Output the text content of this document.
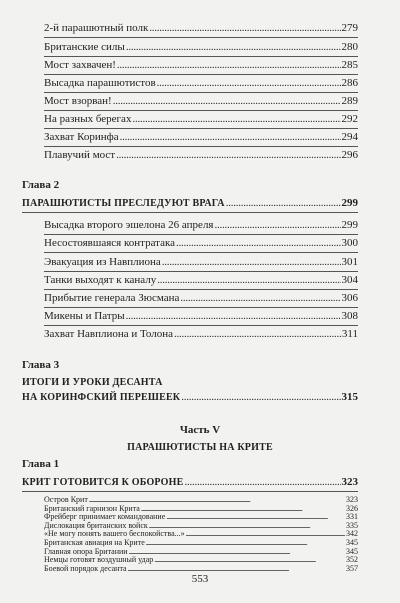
2-й парашютный полк . . .	279
Британские силы . . .	280
Мост захвачен! . . .	285
Высадка парашютистов . . .	286
Мост взорван! . . .	289
На разных берегах . . .	292
Захват Коринфа . . .	294
Плавучий мост . . .	296
Глава 2
ПАРАШЮТИСТЫ ПРЕСЛЕДУЮТ ВРАГА . . .	299
Высадка второго эшелона 26 апреля . . .	299
Несостоявшаяся контратака . . .	300
Эвакуация из Навплиона . . .	301
Танки выходят к каналу . . .	304
Прибытие генерала Зюсмана . . .	306
Микены и Патры . . .	308
Захват Навплиона и Толона . . .	311
Глава 3
ИТОГИ И УРОКИ ДЕСАНТА
НА КОРИНФСКИЙ ПЕРЕШЕЕК . . .	315
Часть V
ПАРАШЮТИСТЫ НА КРИТЕ
Глава 1
КРИТ ГОТОВИТСЯ К ОБОРОНЕ . . .	323
Остров Крит . . .	323
Британский гарнизон Крита . . .	326
Фрейберг принимает командование . . .	331
Дислокация британских войск . . .	335
«Не могу понять вашего беспокойства...» . . .	342
Британская авиация на Крите . . .	345
Главная опора Британии . . .	345
Немцы готовят воздушный удар . . .	352
Боевой порядок десанта . . .	357
553
